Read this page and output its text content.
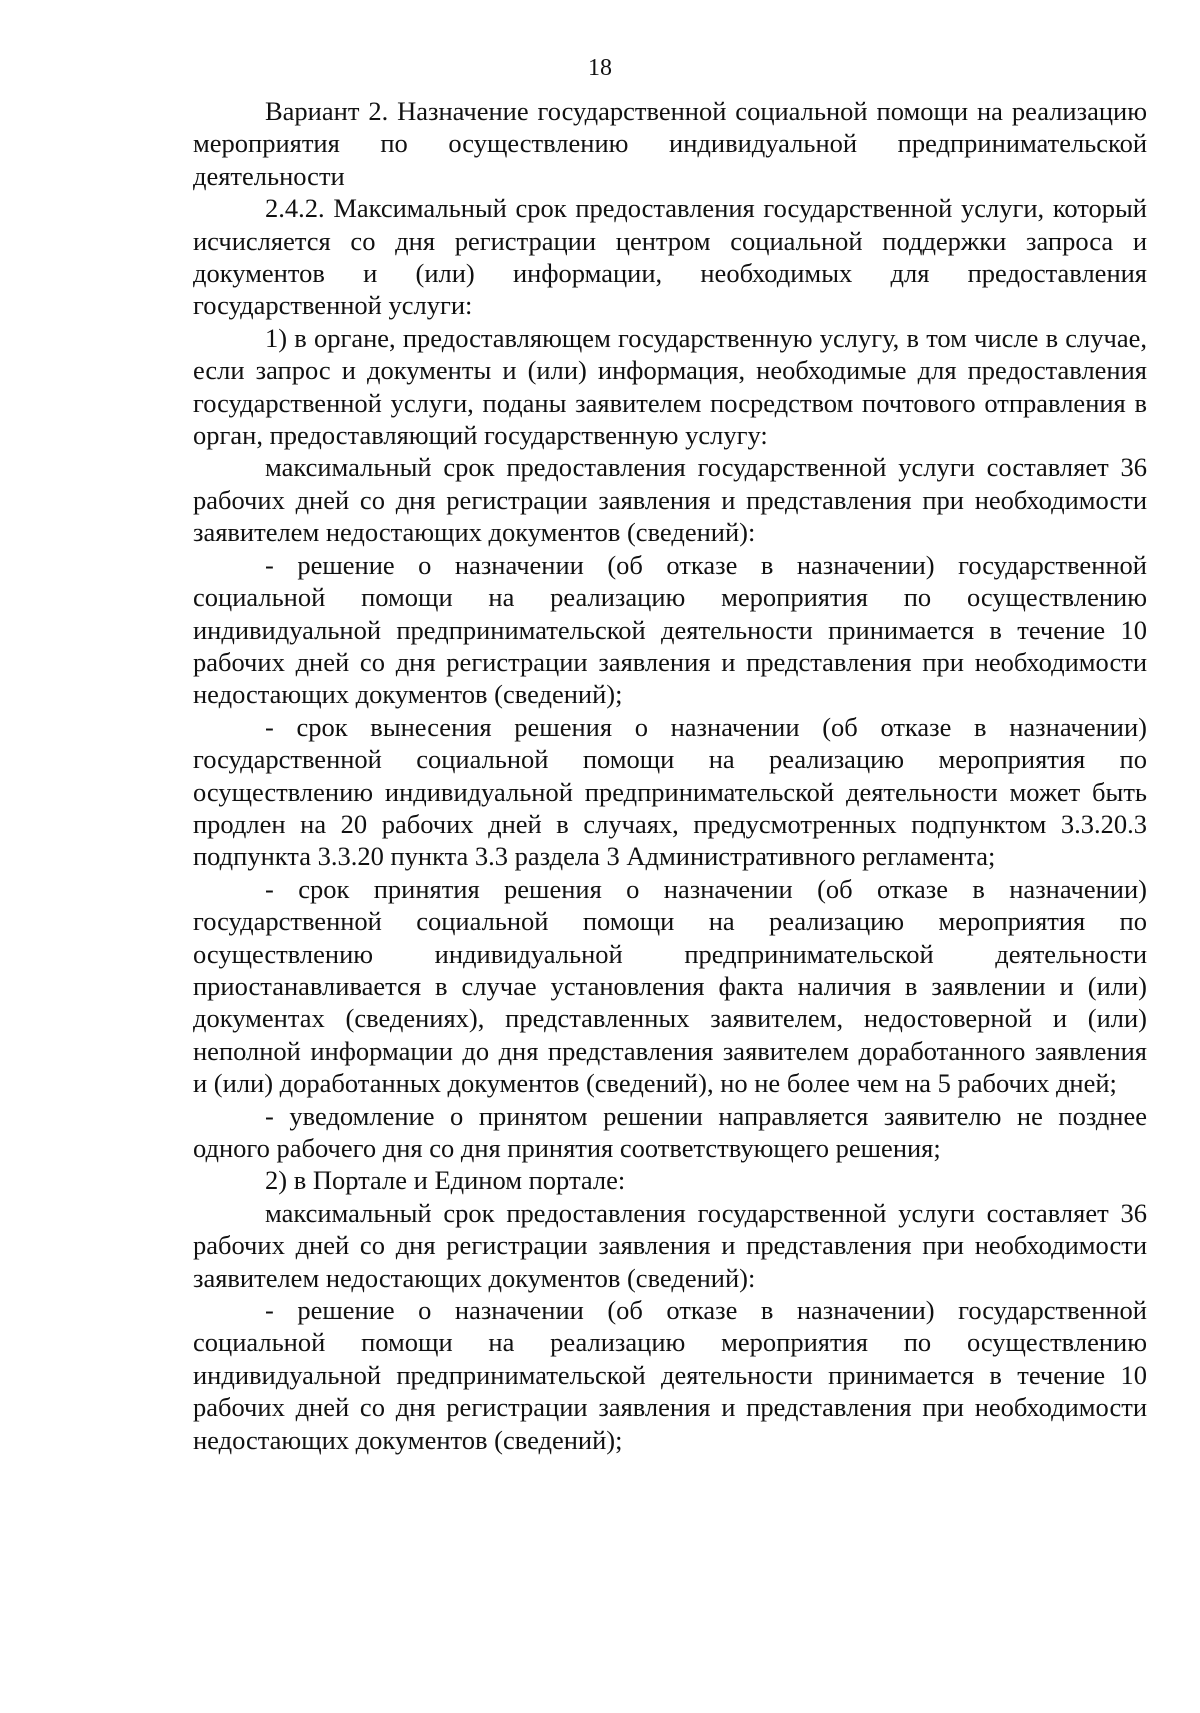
18

Вариант 2. Назначение государственной социальной помощи на реализацию мероприятия по осуществлению индивидуальной предпринимательской деятельности

2.4.2. Максимальный срок предоставления государственной услуги, который исчисляется со дня регистрации центром социальной поддержки запроса и документов и (или) информации, необходимых для предоставления государственной услуги:

1) в органе, предоставляющем государственную услугу, в том числе в случае, если запрос и документы и (или) информация, необходимые для предоставления государственной услуги, поданы заявителем посредством почтового отправления в орган, предоставляющий государственную услугу:

максимальный срок предоставления государственной услуги составляет 36 рабочих дней со дня регистрации заявления и представления при необходимости заявителем недостающих документов (сведений):

- решение о назначении (об отказе в назначении) государственной социальной помощи на реализацию мероприятия по осуществлению индивидуальной предпринимательской деятельности принимается в течение 10 рабочих дней со дня регистрации заявления и представления при необходимости недостающих документов (сведений);

- срок вынесения решения о назначении (об отказе в назначении) государственной социальной помощи на реализацию мероприятия по осуществлению индивидуальной предпринимательской деятельности может быть продлен на 20 рабочих дней в случаях, предусмотренных подпунктом 3.3.20.3 подпункта 3.3.20 пункта 3.3 раздела 3 Административного регламента;

- срок принятия решения о назначении (об отказе в назначении) государственной социальной помощи на реализацию мероприятия по осуществлению индивидуальной предпринимательской деятельности приостанавливается в случае установления факта наличия в заявлении и (или) документах (сведениях), представленных заявителем, недостоверной и (или) неполной информации до дня представления заявителем доработанного заявления и (или) доработанных документов (сведений), но не более чем на 5 рабочих дней;

- уведомление о принятом решении направляется заявителю не позднее одного рабочего дня со дня принятия соответствующего решения;

2) в Портале и Едином портале:

максимальный срок предоставления государственной услуги составляет 36 рабочих дней со дня регистрации заявления и представления при необходимости заявителем недостающих документов (сведений):

- решение о назначении (об отказе в назначении) государственной социальной помощи на реализацию мероприятия по осуществлению индивидуальной предпринимательской деятельности принимается в течение 10 рабочих дней со дня регистрации заявления и представления при необходимости недостающих документов (сведений);
